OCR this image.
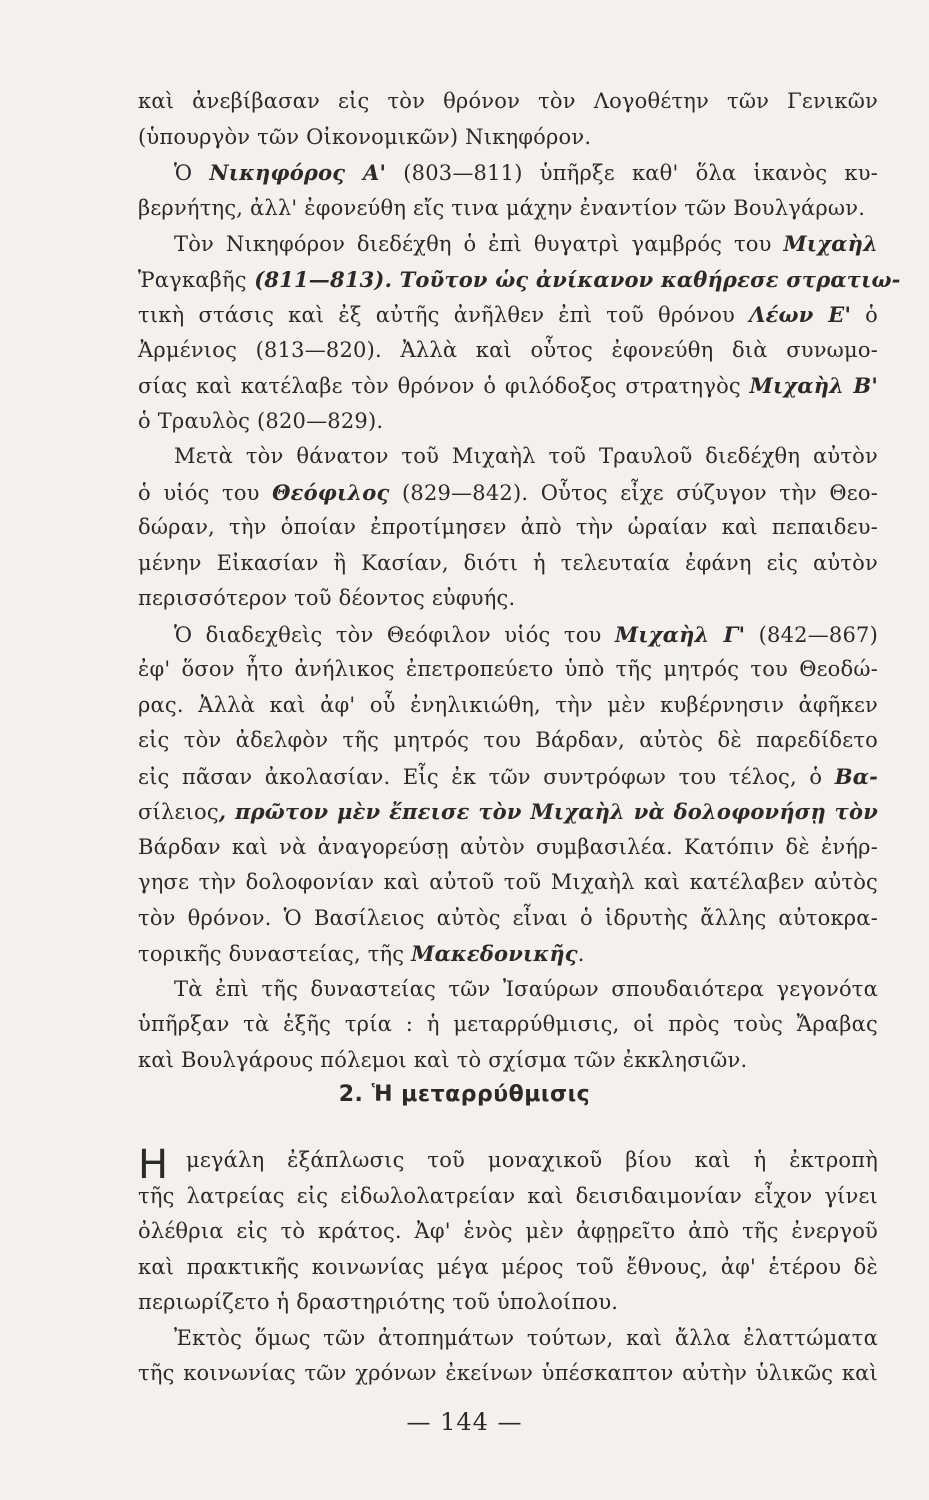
καὶ ἀνεβίβασαν εἰς τὸν θρόνον τὸν Λογοθέτην τῶν Γενικῶν
(ὑπουργὸν τῶν Οἰκονομικῶν) Νικηφόρον.
Ὁ Νικηφόρος Α' (803—811) ὑπῆρξε καθ' ὅλα ἱκανὸς κυ-
βερνήτης, ἀλλ' ἐφονεύθη εἴς τινα μάχην ἐναντίον τῶν Βουλγάρων.
Τὸν Νικηφόρον διεδέχθη ὁ ἐπὶ θυγατρὶ γαμβρός του Μιχαὴλ
Ῥαγκαβῆς (811—813). Τοῦτον ὡς ἀνίκανον καθήρεσε στρατιω-
τικὴ στάσις καὶ ἐξ αὐτῆς ἀνῆλθεν ἐπὶ τοῦ θρόνου Λέων Ε' ὁ
Ἀρμένιος (813—820). Ἀλλὰ καὶ οὗτος ἐφονεύθη διὰ συνωμο-
σίας καὶ κατέλαβε τὸν θρόνον ὁ φιλόδοξος στρατηγὸς Μιχαὴλ Β'
ὁ Τραυλὸς (820—829).
Μετὰ τὸν θάνατον τοῦ Μιχαὴλ τοῦ Τραυλοῦ διεδέχθη αὐτὸν
ὁ υἱός του Θεόφιλος (829—842). Οὗτος εἶχε σύζυγον τὴν Θεο-
δώραν, τὴν ὁποίαν ἐπροτίμησεν ἀπὸ τὴν ὡραίαν καὶ πεπαιδευ-
μένην Εἰκασίαν ἢ Κασίαν, διότι ἡ τελευταία ἐφάνη εἰς αὐτὸν
περισσότερον τοῦ δέοντος εὐφυής.
Ὁ διαδεχθεὶς τὸν Θεόφιλον υἱός του Μιχαὴλ Γ' (842—867)
ἐφ' ὅσον ἦτο ἀνήλικος ἐπετροπεύετο ὑπὸ τῆς μητρός του Θεοδώ-
ρας. Ἀλλὰ καὶ ἀφ' οὗ ἐνηλικιώθη, τὴν μὲν κυβέρνησιν ἀφῆκεν
εἰς τὸν ἀδελφὸν τῆς μητρός του Βάρδαν, αὐτὸς δὲ παρεδίδετο
εἰς πᾶσαν ἀκολασίαν. Εἷς ἐκ τῶν συντρόφων του τέλος, ὁ Βα-
σίλειος, πρῶτον μὲν ἔπεισε τὸν Μιχαὴλ νὰ δολοφονήσῃ τὸν
Βάρδαν καὶ νὰ ἀναγορεύσῃ αὐτὸν συμβασιλέα. Κατόπιν δὲ ἐνήρ-
γησε τὴν δολοφονίαν καὶ αὐτοῦ τοῦ Μιχαὴλ καὶ κατέλαβεν αὐτὸς
τὸν θρόνον. Ὁ Βασίλειος αὐτὸς εἶναι ὁ ἱδρυτὴς ἄλλης αὐτοκρα-
τορικῆς δυναστείας, τῆς Μακεδονικῆς.
Τὰ ἐπὶ τῆς δυναστείας τῶν Ἰσαύρων σπουδαιότερα γεγονότα
ὑπῆρξαν τὰ ἑξῆς τρία : ἡ μεταρρύθμισις, οἱ πρὸς τοὺς Ἄραβας
καὶ Βουλγάρους πόλεμοι καὶ τὸ σχίσμα τῶν ἐκκλησιῶν.
2. Ἡ μεταρρύθμισις
Η μεγάλη ἐξάπλωσις τοῦ μοναχικοῦ βίου καὶ ἡ ἐκτροπὴ
τῆς λατρείας εἰς εἰδωλολατρείαν καὶ δεισιδαιμονίαν εἶχον γίνει
ὀλέθρια εἰς τὸ κράτος. Ἀφ' ἑνὸς μὲν ἀφῃρεῖτο ἀπὸ τῆς ἐνεργοῦ
καὶ πρακτικῆς κοινωνίας μέγα μέρος τοῦ ἔθνους, ἀφ' ἑτέρου δὲ
περιωρίζετο ἡ δραστηριότης τοῦ ὑπολοίπου.
Ἐκτὸς ὅμως τῶν ἀτοπημάτων τούτων, καὶ ἄλλα ἐλαττώματα
τῆς κοινωνίας τῶν χρόνων ἐκείνων ὑπέσκαπτον αὐτὴν ὑλικῶς καὶ
— 144 —
